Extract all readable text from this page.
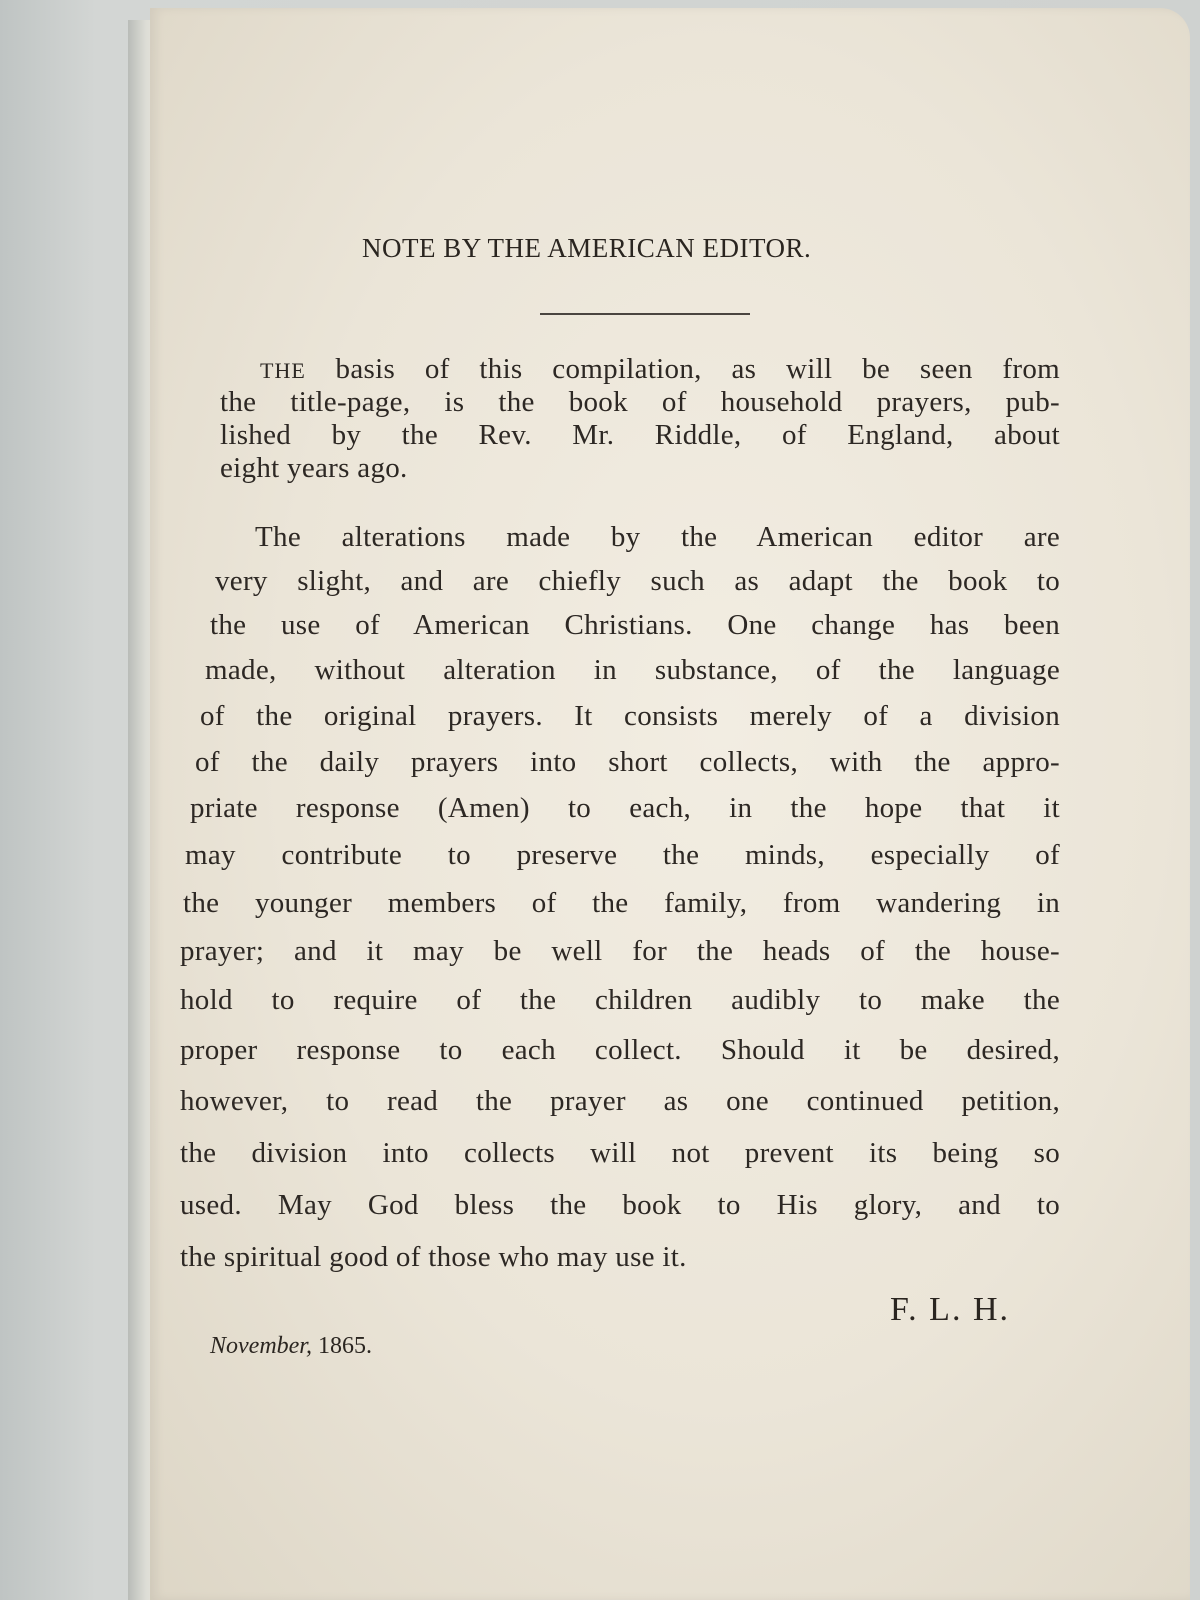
NOTE BY THE AMERICAN EDITOR.
THE basis of this compilation, as will be seen from
the title-page, is the book of household prayers, pub-
lished by the Rev. Mr. Riddle, of England, about
eight years ago.
The alterations made by the American editor are
very slight, and are chiefly such as adapt the book to
the use of American Christians. One change has been
made, without alteration in substance, of the language
of the original prayers. It consists merely of a division
of the daily prayers into short collects, with the appro-
priate response (Amen) to each, in the hope that it
may contribute to preserve the minds, especially of
the younger members of the family, from wandering in
prayer; and it may be well for the heads of the house-
hold to require of the children audibly to make the
proper response to each collect. Should it be desired,
however, to read the prayer as one continued petition,
the division into collects will not prevent its being so
used. May God bless the book to His glory, and to
the spiritual good of those who may use it.
F. L. H.
November, 1865.
